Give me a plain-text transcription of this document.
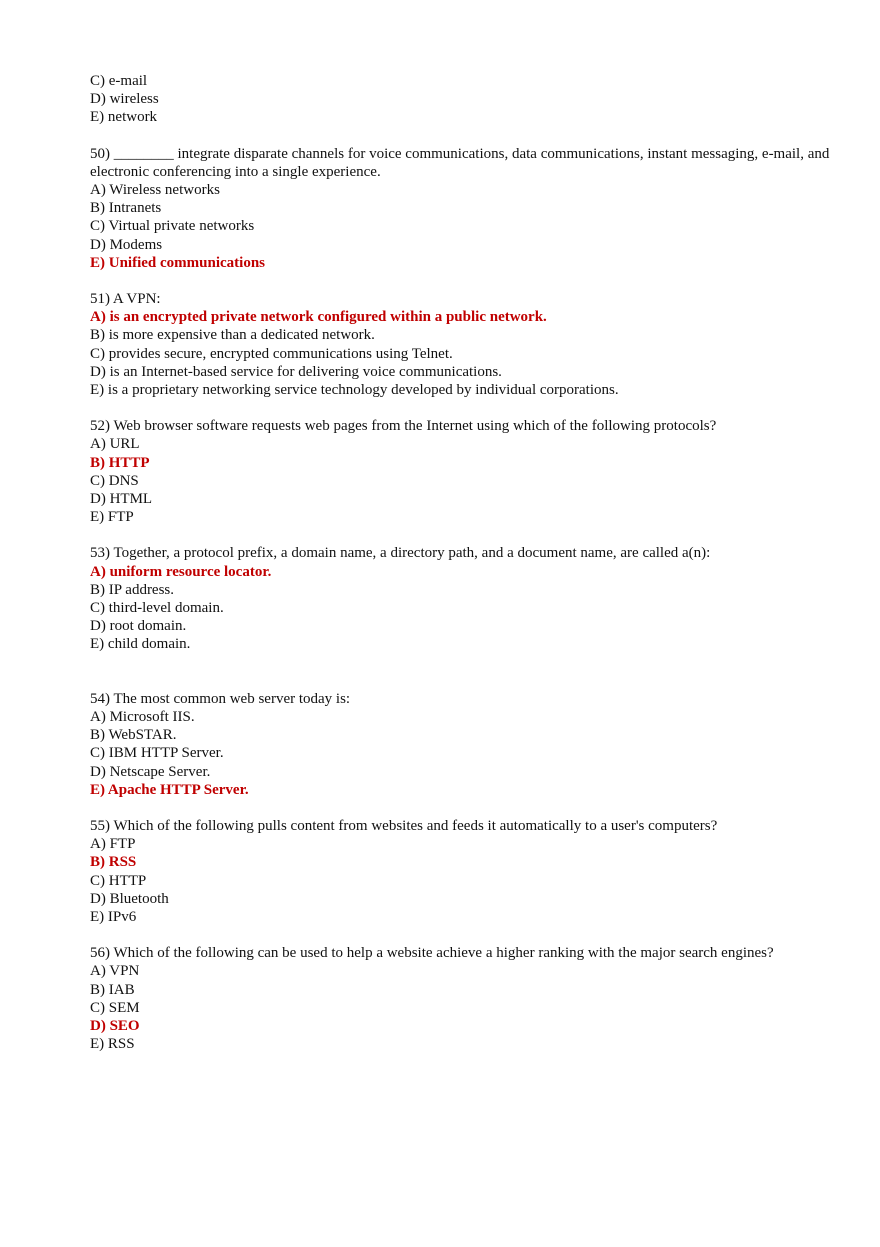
C) e-mail
D) wireless
E) network
50) ________ integrate disparate channels for voice communications, data communications, instant messaging, e-mail, and electronic conferencing into a single experience.
A) Wireless networks
B) Intranets
C) Virtual private networks
D) Modems
E) Unified communications
51) A VPN:
A) is an encrypted private network configured within a public network.
B) is more expensive than a dedicated network.
C) provides secure, encrypted communications using Telnet.
D) is an Internet-based service for delivering voice communications.
E) is a proprietary networking service technology developed by individual corporations.
52) Web browser software requests web pages from the Internet using which of the following protocols?
A) URL
B) HTTP
C) DNS
D) HTML
E) FTP
53) Together, a protocol prefix, a domain name, a directory path, and a document name, are called a(n):
A) uniform resource locator.
B) IP address.
C) third-level domain.
D) root domain.
E) child domain.
54) The most common web server today is:
A) Microsoft IIS.
B) WebSTAR.
C) IBM HTTP Server.
D) Netscape Server.
E) Apache HTTP Server.
55) Which of the following pulls content from websites and feeds it automatically to a user's computers?
A) FTP
B) RSS
C) HTTP
D) Bluetooth
E) IPv6
56) Which of the following can be used to help a website achieve a higher ranking with the major search engines?
A) VPN
B) IAB
C) SEM
D) SEO
E) RSS
